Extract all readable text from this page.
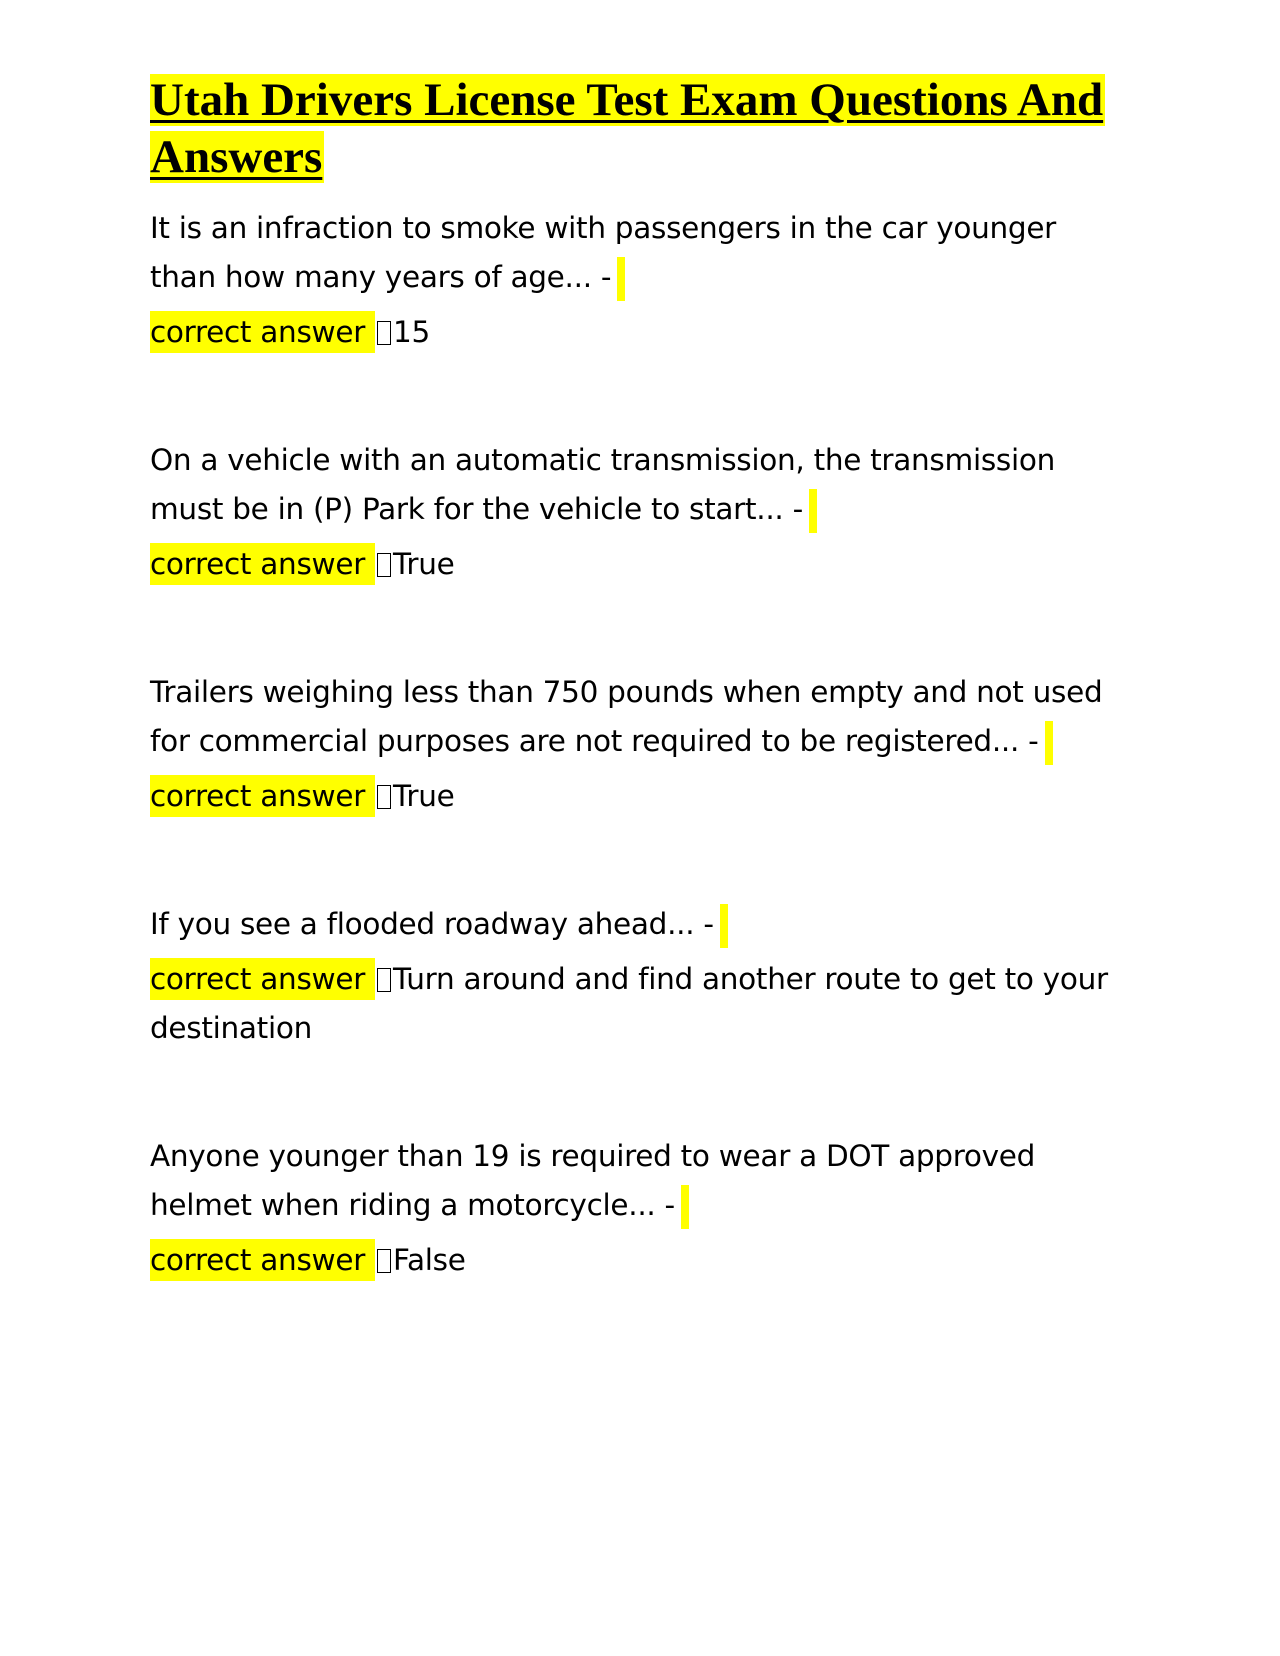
Utah Drivers License Test Exam Questions And Answers

It is an infraction to smoke with passengers in the car younger than how many years of age... -

correct answer 15

On a vehicle with an automatic transmission, the transmission must be in (P) Park for the vehicle to start... -

correct answer True

Trailers weighing less than 750 pounds when empty and not used for commercial purposes are not required to be registered... -

correct answer True

If you see a flooded roadway ahead... -

correct answer Turn around and find another route to get to your destination

Anyone younger than 19 is required to wear a DOT approved helmet when riding a motorcycle... -

correct answer False
